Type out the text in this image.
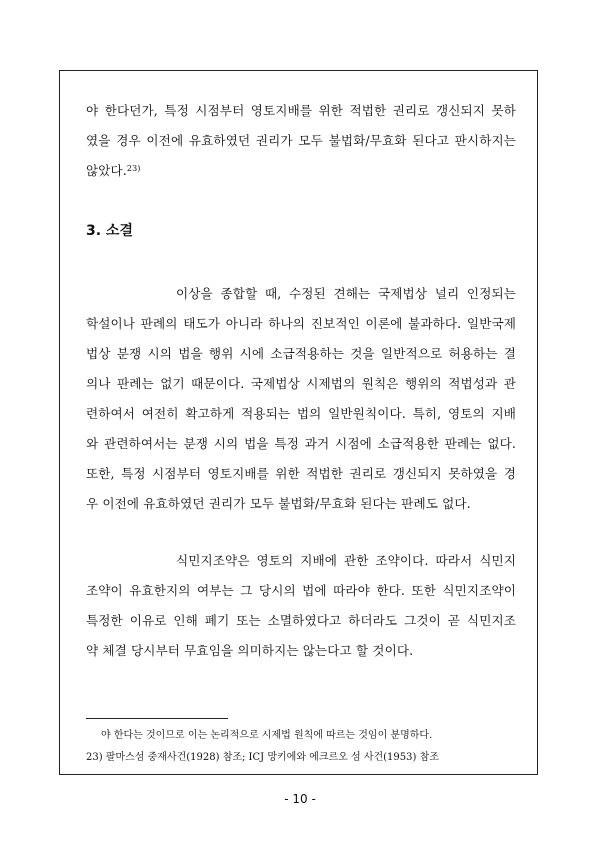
야 한다던가, 특정 시점부터 영토지배를 위한 적법한 권리로 갱신되지 못하
였을 경우 이전에 유효하였던 권리가 모두 불법화/무효화 된다고 판시하지는
않았다.$^{23)}$
3. 소결
이상을 종합할 때, 수정된 견해는 국제법상 널리 인정되는
학설이나 판례의 태도가 아니라 하나의 진보적인 이론에 불과하다. 일반국제
법상 분쟁 시의 법을 행위 시에 소급적용하는 것을 일반적으로 허용하는 결
의나 판례는 없기 때문이다. 국제법상 시제법의 원칙은 행위의 적법성과 관
련하여서 여전히 확고하게 적용되는 법의 일반원칙이다. 특히, 영토의 지배
와 관련하여서는 분쟁 시의 법을 특정 과거 시점에 소급적용한 판례는 없다.
또한, 특정 시점부터 영토지배를 위한 적법한 권리로 갱신되지 못하였을 경
우 이전에 유효하였던 권리가 모두 불법화/무효화 된다는 판례도 없다.
식민지조약은 영토의 지배에 관한 조약이다. 따라서 식민지
조약이 유효한지의 여부는 그 당시의 법에 따라야 한다. 또한 식민지조약이
특정한 이유로 인해 폐기 또는 소멸하였다고 하더라도 그것이 곧 식민지조
약 체결 당시부터 무효임을 의미하지는 않는다고 할 것이다.
야 한다는 것이므로 이는 논리적으로 시제법 원칙에 따르는 것임이 분명하다.
23) 팔마스섬 중재사건(1928) 참조; ICJ 망키에와 에크르오 섬 사건(1953) 참조
- 10 -
